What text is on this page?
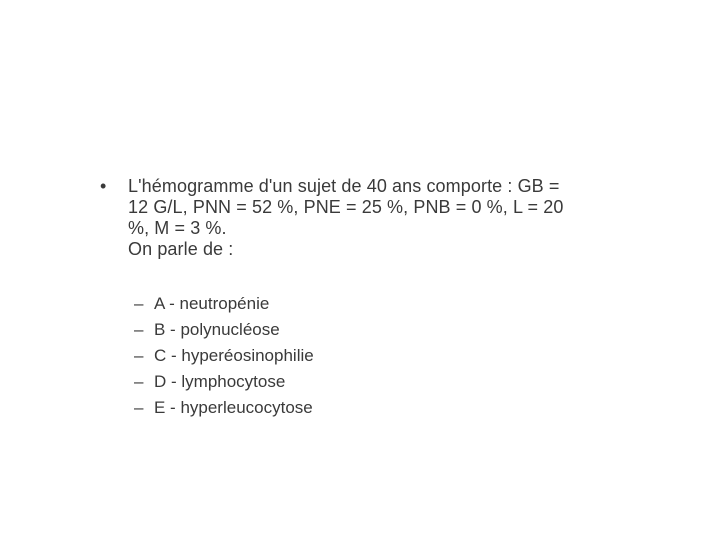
• L'hémogramme d'un sujet de 40 ans comporte : GB =
12 G/L, PNN = 52 %, PNE = 25 %, PNB = 0 %, L = 20
%, M = 3 %.
On parle de :
– A - neutropénie
– B - polynucléose
– C - hyperéosinophilie
– D - lymphocytose
– E - hyperleucocytose
